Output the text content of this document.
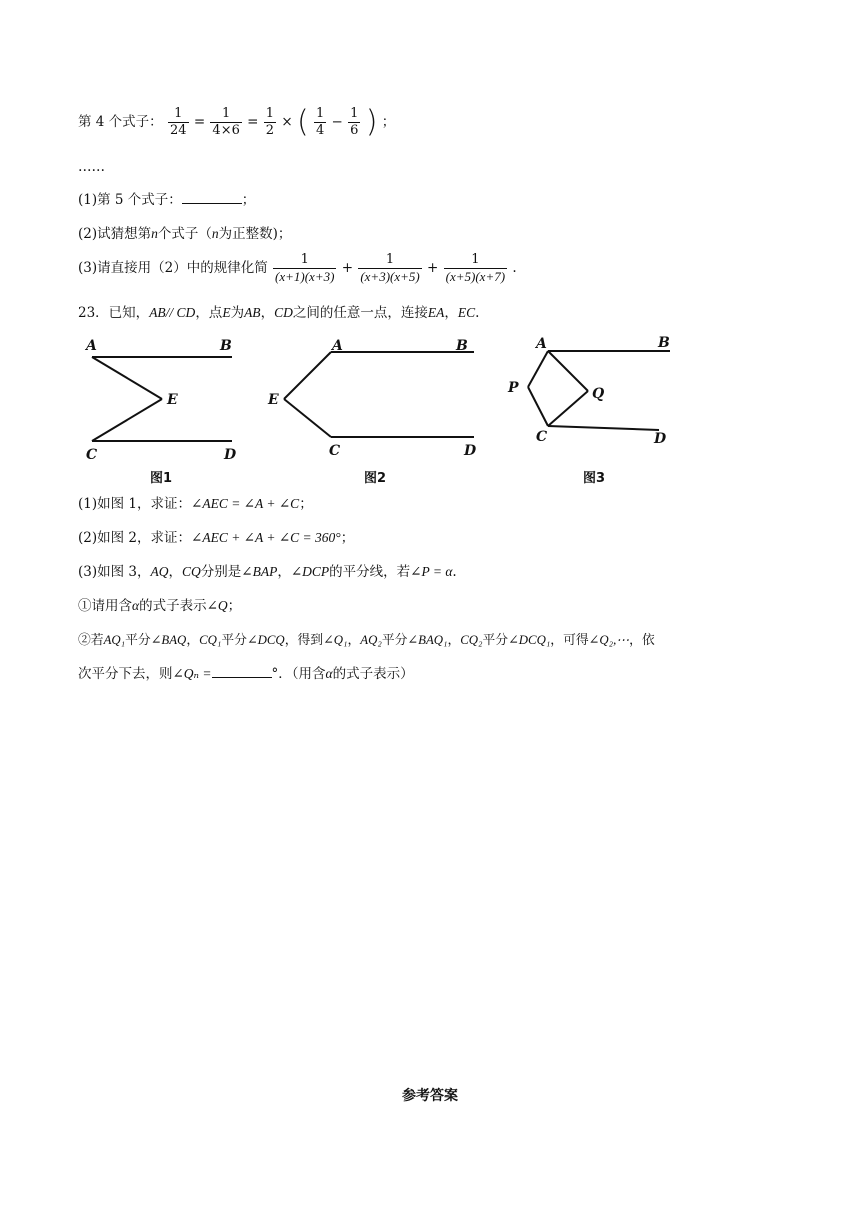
第 4 个式子： $\frac{1}{24} = \frac{1}{4\times 6} = \frac{1}{2}$ × ( $\frac{1}{4} - \frac{1}{6}$ ) ；
……
(1)第 5 个式子：	；
(2)试猜想第n个式子（n为正整数)；
(3)请直接用（2）中的规律化简 $\frac{1}{(x+1)(x+3)} + \frac{1}{(x+3)(x+5)} + \frac{1}{(x+5)(x+7)}$ .
23．已知，AB// CD，点E为AB，CD之间的任意一点，连接EA，EC.
A	B
E
C	D
图1
A	B
E
C	D
图2
A	B
P	Q
C	D
图3
(1)如图 1，求证：∠AEC = ∠A + ∠C；
(2)如图 2，求证：∠AEC + ∠A + ∠C = 360°；
(3)如图 3，AQ，CQ分别是∠BAP，∠DCP的平分线，若∠P = α.
①请用含α的式子表示∠Q；
②若AQ₁平分∠BAQ，CQ₁平分∠DCQ，得到∠Q₁，AQ₂平分∠BAQ₁，CQ₂平分∠DCQ₁，可得∠Q₂,⋯，依
次平分下去，则∠Qₙ =	°．（用含α的式子表示）
参考答案
